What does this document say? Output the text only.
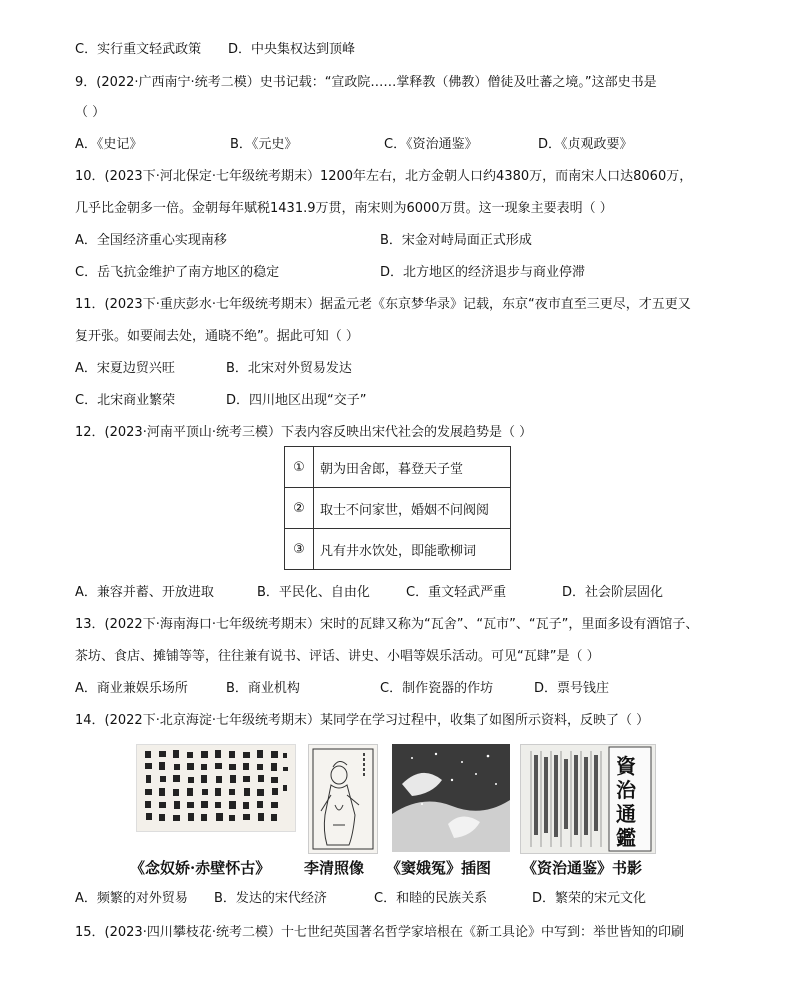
C．实行重文轻武政策 D．中央集权达到顶峰
9．(2022·广西南宁·统考二模）史书记载：“宣政院……掌释教（佛教）僧徒及吐蕃之境。”这部史书是
（ ）
A．《史记》	B．《元史》	C．《资治通鉴》	D．《贞观政要》
10．(2023下·河北保定·七年级统考期末）1200年左右，北方金朝人口约4380万，而南宋人口达8060万，
几乎比金朝多一倍。金朝每年赋税1431.9万贯，南宋则为6000万贯。这一现象主要表明（ ）
A．全国经济重心实现南移	B．宋金对峙局面正式形成
C．岳飞抗金维护了南方地区的稳定	D．北方地区的经济退步与商业停滞
11．(2023下·重庆彭水·七年级统考期末）据孟元老《东京梦华录》记载，东京“夜市直至三更尽，才五更又
复开张。如要闹去处，通晓不绝”。据此可知（ ）
A．宋夏边贸兴旺	B．北宋对外贸易发达
C．北宋商业繁荣	D．四川地区出现“交子”
12．(2023·河南平顶山·统考三模）下表内容反映出宋代社会的发展趋势是（ ）
①	朝为田舍郎，暮登天子堂
②	取士不问家世，婚姻不问阀阅
③	凡有井水饮处，即能歌柳词
A．兼容并蓄、开放进取	B．平民化、自由化	C．重文轻武严重	D．社会阶层固化
13．(2022下·海南海口·七年级统考期末）宋时的瓦肆又称为“瓦舍”、“瓦市”、“瓦子”，里面多设有酒馆子、
茶坊、食店、摊铺等等，往往兼有说书、评话、讲史、小唱等娱乐活动。可见“瓦肆”是（ ）
A．商业兼娱乐场所	B．商业机构	C．制作瓷器的作坊	D．票号钱庄
14．(2022下·北京海淀·七年级统考期末）某同学在学习过程中，收集了如图所示资料，反映了（ ）
資治通鑑
《念奴娇·赤壁怀古》 李清照像 《窦娥冤》插图 《资治通鉴》书影
A．频繁的对外贸易 B．发达的宋代经济	C．和睦的民族关系	D．繁荣的宋元文化
15．(2023·四川攀枝花·统考二模）十七世纪英国著名哲学家培根在《新工具论》中写到：举世皆知的印刷
